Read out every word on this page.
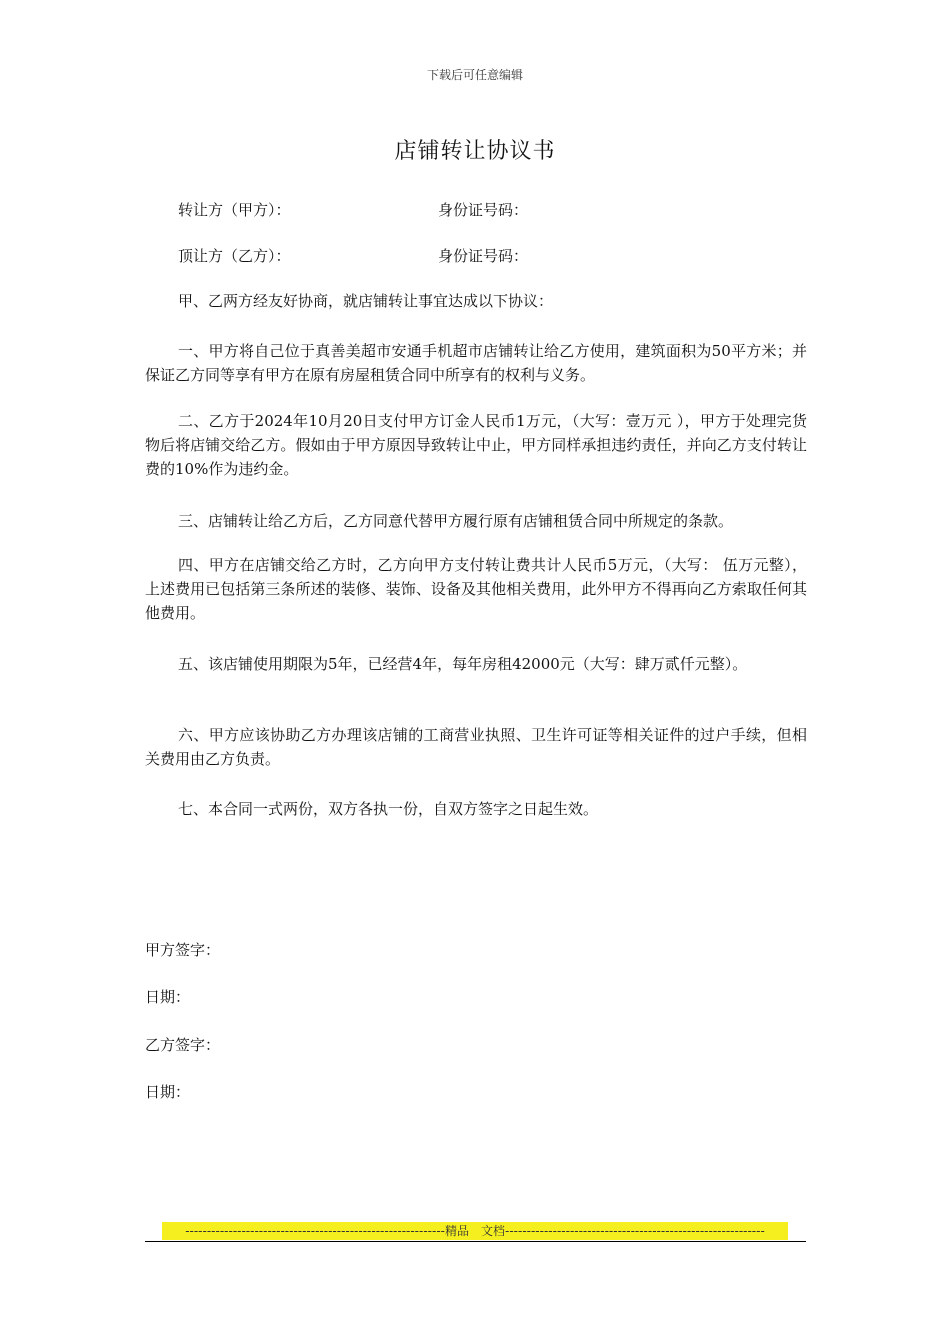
下载后可任意编辑
店铺转让协议书
转让方（甲方）：	身份证号码：
顶让方（乙方）：	身份证号码：
甲、乙两方经友好协商，就店铺转让事宜达成以下协议：
一、甲方将自己位于真善美超市安通手机超市店铺转让给乙方使用，建筑面积为50平方米；并保证乙方同等享有甲方在原有房屋租赁合同中所享有的权利与义务。
二、乙方于2024年10月20日支付甲方订金人民币1万元，（大写：壹万元 ），甲方于处理完货物后将店铺交给乙方。假如由于甲方原因导致转让中止，甲方同样承担违约责任，并向乙方支付转让费的10%作为违约金。
三、店铺转让给乙方后，乙方同意代替甲方履行原有店铺租赁合同中所规定的条款。
四、甲方在店铺交给乙方时，乙方向甲方支付转让费共计人民币5万元，（大写： 伍万元整），上述费用已包括第三条所述的装修、装饰、设备及其他相关费用，此外甲方不得再向乙方索取任何其他费用。
五、该店铺使用期限为5年，已经营4年，每年房租42000元（大写：肆万贰仟元整）。
六、甲方应该协助乙方办理该店铺的工商营业执照、卫生许可证等相关证件的过户手续，但相关费用由乙方负责。
七、本合同一式两份，双方各执一份，自双方签字之日起生效。
甲方签字：
日期：
乙方签字：
日期：
------------------------------------------------------------精品　文档------------------------------------------------------------
